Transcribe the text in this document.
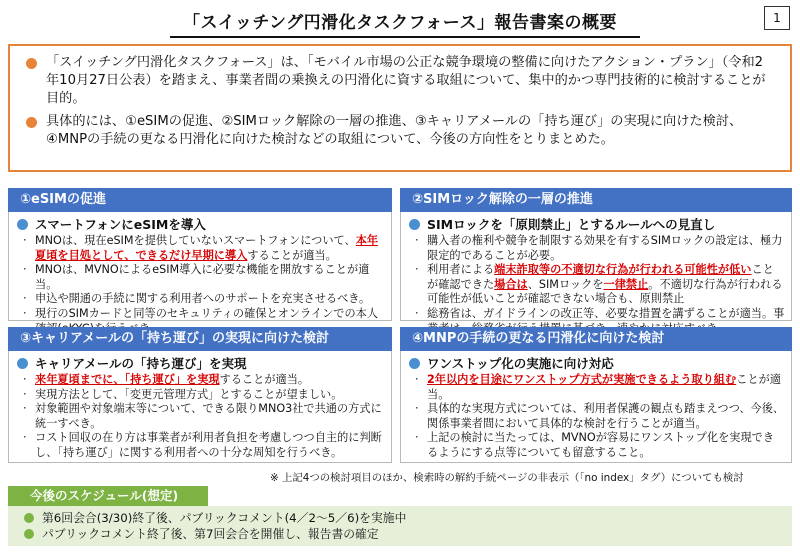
「スイッチング円滑化タスクフォース」報告書案の概要	1
「スイッチング円滑化タスクフォース」は、「モバイル市場の公正な競争環境の整備に向けたアクション・プラン」（令和2年10月27日公表）を踏まえ、事業者間の乗換えの円滑化に資する取組について、集中的かつ専門技術的に検討することが目的。
具体的には、①eSIMの促進、②SIMロック解除の一層の推進、③キャリアメールの「持ち運び」の実現に向けた検討、④MNPの手続の更なる円滑化に向けた検討などの取組について、今後の方向性をとりまとめた。
①eSIMの促進
スマートフォンにeSIMを導入
· MNOは、現在eSIMを提供していないスマートフォンについて、本年夏頃を目処として、できるだけ早期に導入することが適当。
· MNOは、MVNOによるeSIM導入に必要な機能を開放することが適当。
· 申込や開通の手続に関する利用者へのサポートを充実させるべき。
· 現行のSIMカードと同等のセキュリティの確保とオンラインでの本人
②SIMロック解除の一層の推進
SIMロックを「原則禁止」とするルールへの見直し
· 購入者の権利や競争を制限する効果を有するSIMロックの設定は、極力限定的であることが必要。
· 利用者による端末詐取等の不適切な行為が行われる可能性が低いことが確認できた場合は、SIMロックを一律禁止。不適切な行為が行われる可能性が低いことが確認できない場合も、原則禁止
· 総務省は、ガイドラインの改正等、必要な措置を講ずることが適当。事
③キャリアメールの「持ち運び」の実現に向けた検討
キャリアメールの「持ち運び」を実現
· 来年夏頃までに、「持ち運び」を実現することが適当。
· 実現方法として、「変更元管理方式」とすることが望ましい。
· 対象範囲や対象端末等について、できる限りMNO3社で共通の方式に統一すべき。
· コスト回収の在り方は事業者が利用者負担を考慮しつつ自主的に判断し、「持ち運び」に関する利用者への十分な周知を行うべき。
④MNPの手続の更なる円滑化に向けた検討
ワンストップ化の実施に向け対応
· 2年以内を目途にワンストップ方式が実施できるよう取り組むことが適当。
· 具体的な実現方式については、利用者保護の観点も踏まえつつ、今後、関係事業者間において具体的な検討を行うことが適当。
· 上記の検討に当たっては、MVNOが容易にワンストップ化を実現できるようにする点等についても留意すること。
※ 上記4つの検討項目のほか、検索時の解約手続ページの非表示（「no index」タグ）についても検討
今後のスケジュール(想定)
第6回会合(3/30)終了後、パブリックコメント(4／2〜5／6)を実施中
パブリックコメント終了後、第7回会合を開催し、報告書の確定
